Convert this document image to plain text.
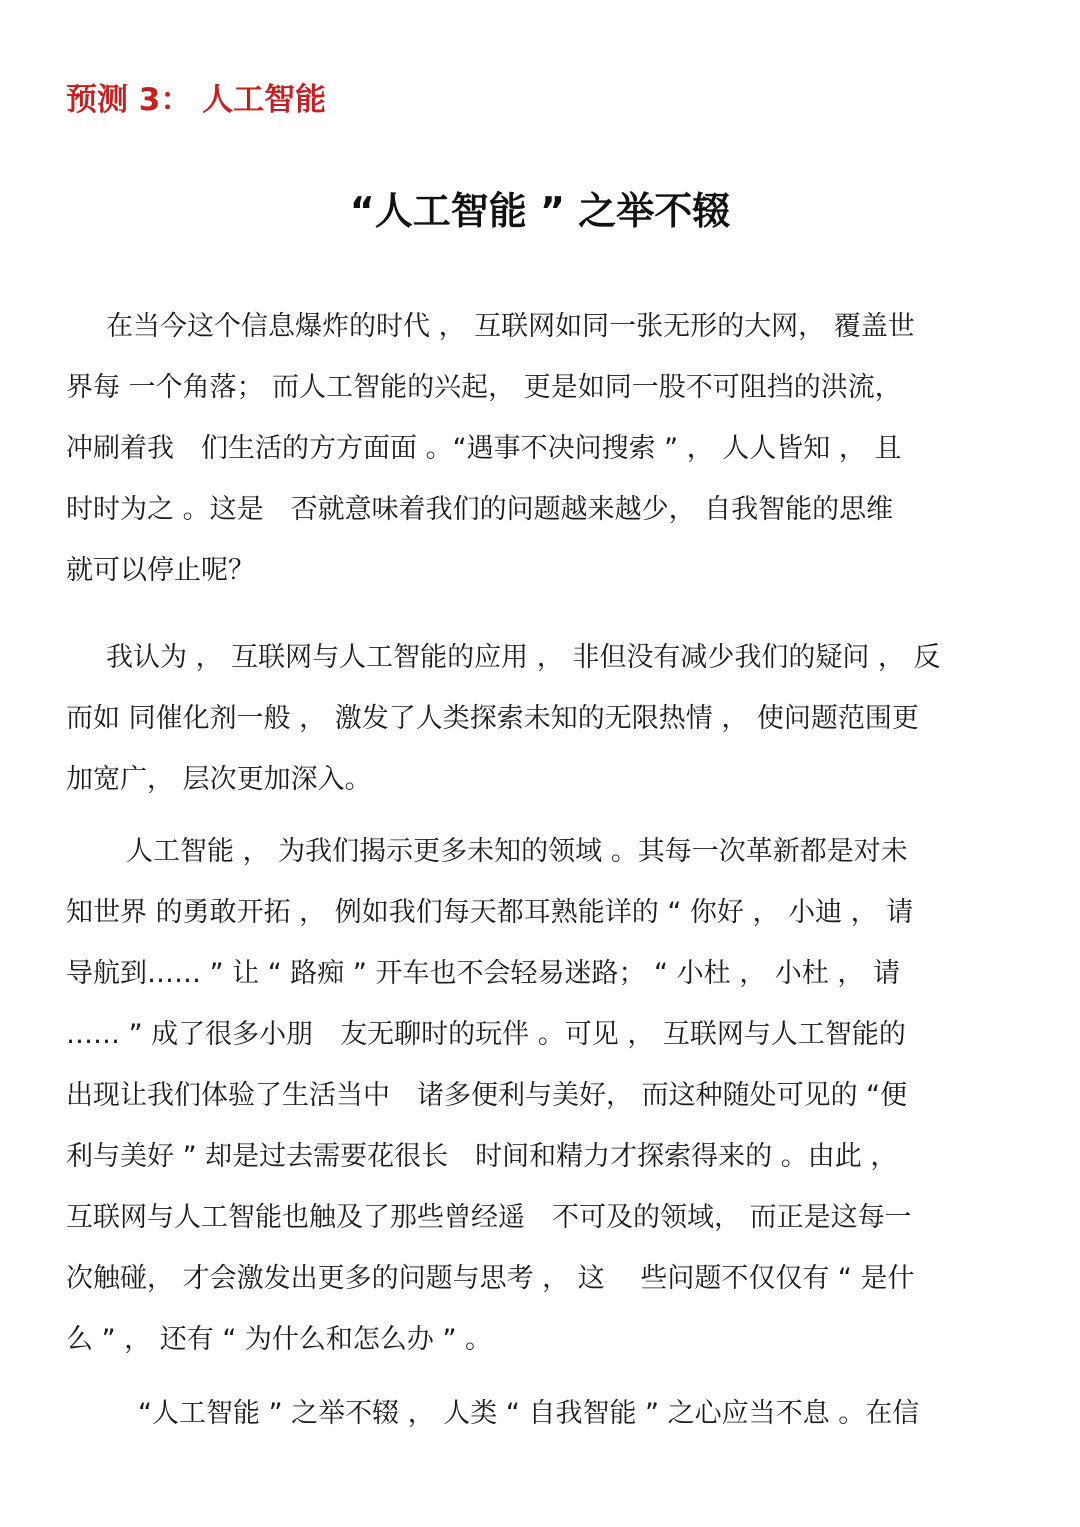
预测 3： 人工智能
“人工智能 ” 之举不辍
在当今这个信息爆炸的时代 ， 互联网如同一张无形的大网， 覆盖世
界每 一个角落； 而人工智能的兴起， 更是如同一股不可阻挡的洪流，
冲刷着我　们生活的方方面面 。“遇事不决问搜索 ” ， 人人皆知 ， 且
时时为之 。这是　否就意味着我们的问题越来越少， 自我智能的思维
就可以停止呢？
我认为 ， 互联网与人工智能的应用 ， 非但没有减少我们的疑问 ， 反
而如 同催化剂一般 ， 激发了人类探索未知的无限热情 ， 使问题范围更
加宽广， 层次更加深入。
人工智能 ， 为我们揭示更多未知的领域 。其每一次革新都是对未
知世界 的勇敢开拓 ， 例如我们每天都耳熟能详的 “ 你好 ， 小迪 ， 请
导航到…… ” 让 “ 路痴 ” 开车也不会轻易迷路； “ 小杜 ， 小杜 ， 请
…… ” 成了很多小朋　友无聊时的玩伴 。可见 ， 互联网与人工智能的
出现让我们体验了生活当中　诸多便利与美好， 而这种随处可见的 “便
利与美好 ” 却是过去需要花很长　时间和精力才探索得来的 。由此 ，
互联网与人工智能也触及了那些曾经遥　不可及的领域， 而正是这每一
次触碰， 才会激发出更多的问题与思考 ， 这　 些问题不仅仅有 “ 是什
么 ” ， 还有 “ 为什么和怎么办 ” 。
“人工智能 ” 之举不辍 ， 人类 “ 自我智能 ” 之心应当不息 。在信
